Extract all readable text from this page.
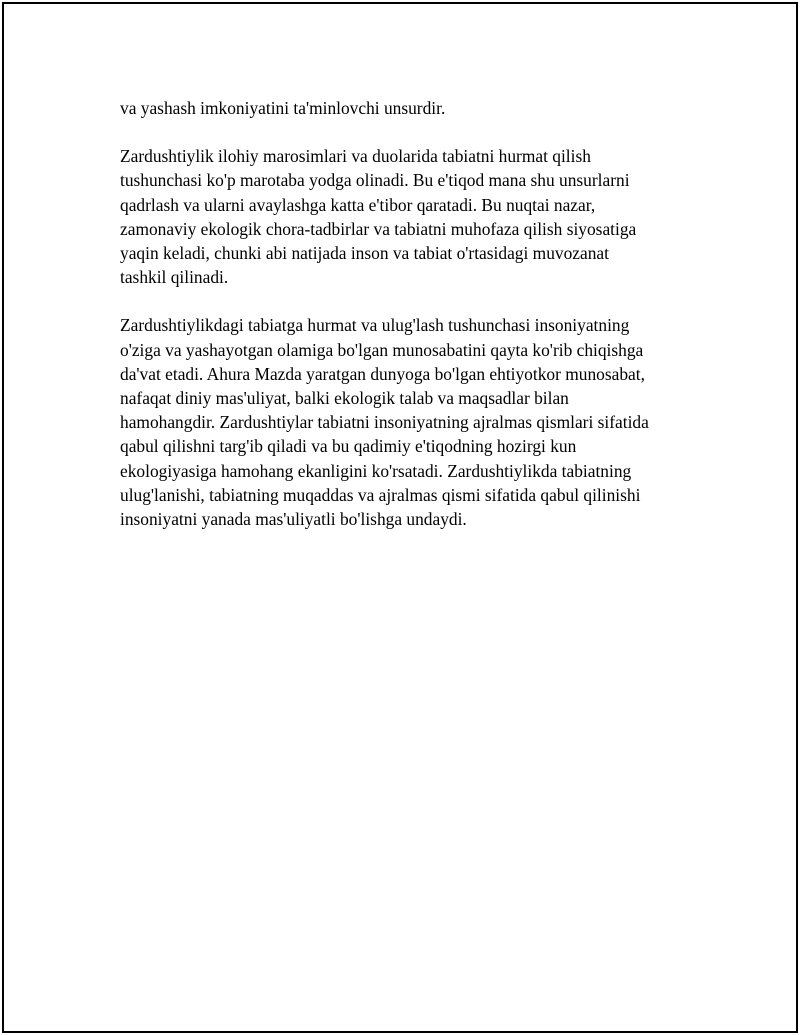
va yashash imkoniyatini ta'minlovchi unsurdir.

Zardushtiylik ilohiy marosimlari va duolarida tabiatni hurmat qilish
tushunchasi ko'p marotaba yodga olinadi. Bu e'tiqod mana shu unsurlarni
qadrlash va ularni avaylashga katta e'tibor qaratadi. Bu nuqtai nazar,
zamonaviy ekologik chora-tadbirlar va tabiatni muhofaza qilish siyosatiga
yaqin keladi, chunki abi natijada inson va tabiat o'rtasidagi muvozanat
tashkil qilinadi.

Zardushtiylikdagi tabiatga hurmat va ulug'lash tushunchasi insoniyatning
o'ziga va yashayotgan olamiga bo'lgan munosabatini qayta ko'rib chiqishga
da'vat etadi. Ahura Mazda yaratgan dunyoga bo'lgan ehtiyotkor munosabat,
nafaqat diniy mas'uliyat, balki ekologik talab va maqsadlar bilan
hamohangdir. Zardushtiylar tabiatni insoniyatning ajralmas qismlari sifatida
qabul qilishni targ'ib qiladi va bu qadimiy e'tiqodning hozirgi kun
ekologiyasiga hamohang ekanligini ko'rsatadi. Zardushtiylikda tabiatning
ulug'lanishi, tabiatning muqaddas va ajralmas qismi sifatida qabul qilinishi
insoniyatni yanada mas'uliyatli bo'lishga undaydi.
